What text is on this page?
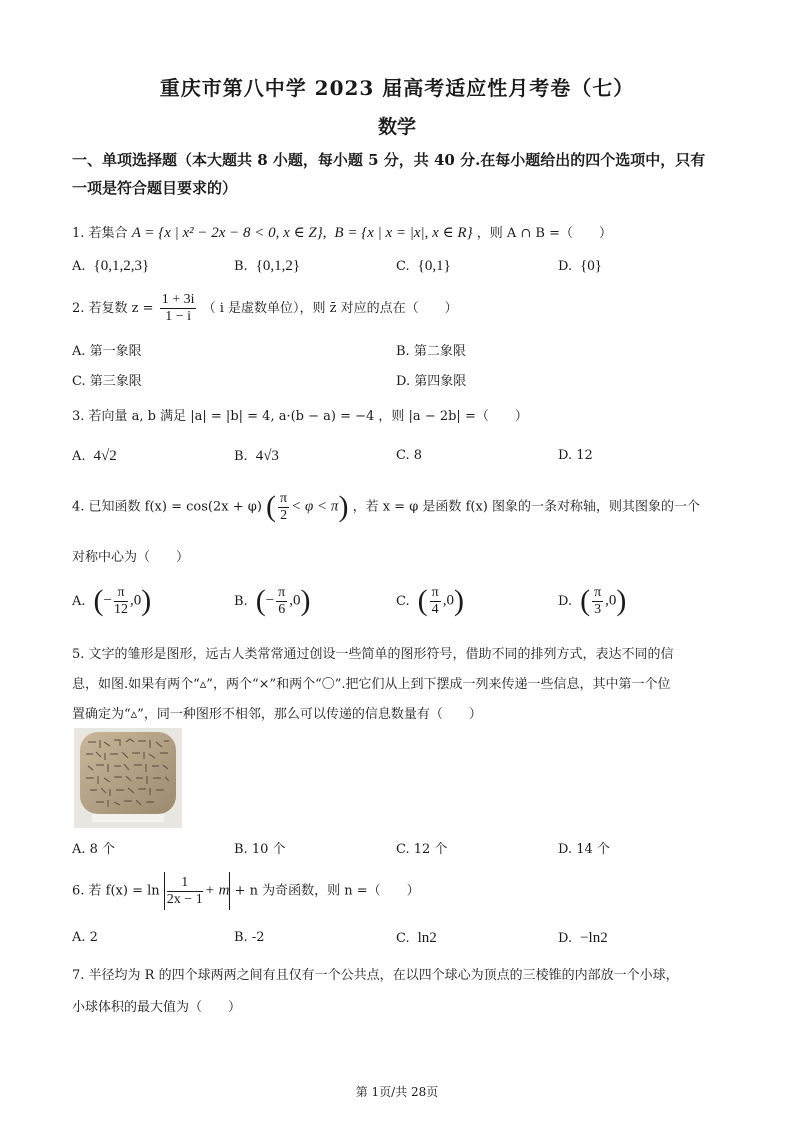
重庆市第八中学 2023 届高考适应性月考卷（七）
数学
一、单项选择题（本大题共 8 小题，每小题 5 分，共 40 分.在每小题给出的四个选项中，只有
一项是符合题目要求的）
1. 若集合 A = {x | x² − 2x − 8 < 0, x ∈ Z},  B = {x | x = |x|, x ∈ R} ，则 A ∩ B =（　　）
A. {0,1,2,3}	B. {0,1,2}	C. {0,1}	D. {0}
2. 若复数 $z = \frac{1 + 3i}{1 - i}$ （ i 是虚数单位），则 z̄ 对应的点在（　　）
A. 第一象限	B. 第二象限
C. 第三象限	D. 第四象限
3. 若向量 a, b 满足 |a| = |b| = 4, a·(b − a) = −4 ，则 |a − 2b| =（　　）
A. 4√2	B. 4√3	C. 8	D. 12
4. 已知函数 f(x) = cos(2x + φ) ( $\frac{\pi}{2} < \varphi < \pi$) ，若 x = φ 是函数 f(x) 图象的一条对称轴，则其图象的一个
对称中心为（　　）
A. (− $\frac{\pi}{12} ,0$)	B. (− $\frac{\pi}{6} ,0$)	C. ( $\frac{\pi}{4} ,0$)	D. ( $\frac{\pi}{3} ,0$)
5. 文字的雏形是图形，远古人类常常通过创设一些简单的图形符号，借助不同的排列方式，表达不同的信
息，如图.如果有两个“▵”，两个“×”和两个“〇”.把它们从上到下摆成一列来传递一些信息，其中第一个位
置确定为“▵”，同一种图形不相邻，那么可以传递的信息数量有（　　）
A. 8 个	B. 10 个	C. 12 个	D. 14 个
6. 若 $f(x) = \ln \frac{1}{2x - 1} + m + n$ 为奇函数，则 n =（　　）
A. 2	B. -2	C. ln2	D. −ln2
7. 半径均为 R 的四个球两两之间有且仅有一个公共点，在以四个球心为顶点的三棱锥的内部放一个小球，
小球体积的最大值为（　　）
第 1页/共 28页
